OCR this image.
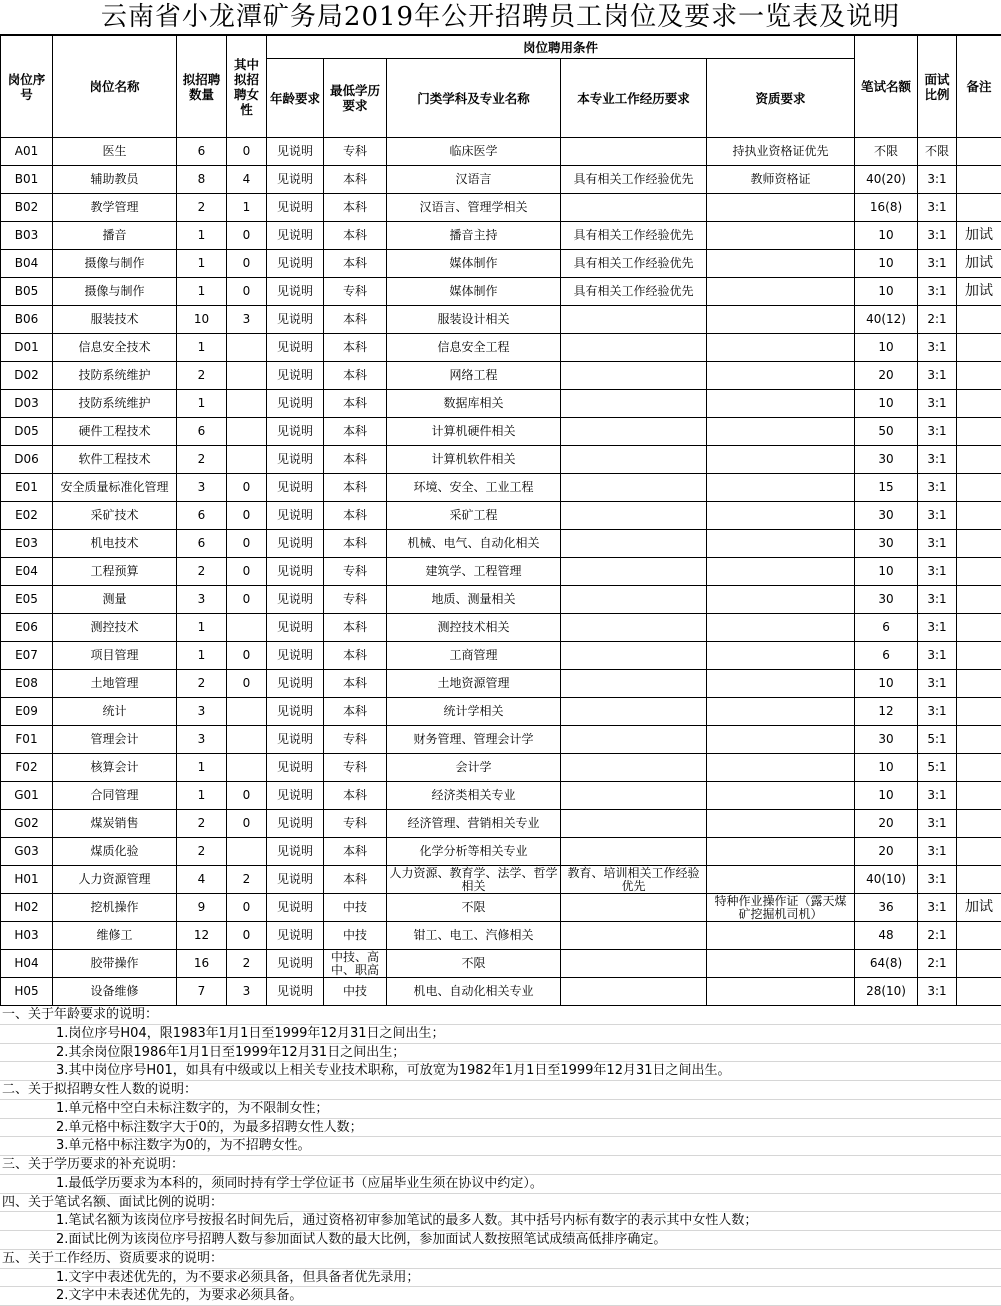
云南省小龙潭矿务局2019年公开招聘员工岗位及要求一览表及说明
岗位序号	岗位名称	拟招聘数量	其中拟招聘女性	岗位聘用条件					笔试名额	面试比例	备注
				年龄要求	最低学历要求	门类学科及专业名称	本专业工作经历要求	资质要求			
A01	医生	6	0	见说明	专科	临床医学		持执业资格证优先	不限	不限	
B01	辅助教员	8	4	见说明	本科	汉语言	具有相关工作经验优先	教师资格证	40(20)	3:1	
B02	教学管理	2	1	见说明	本科	汉语言、管理学相关			16(8)	3:1	
B03	播音	1	0	见说明	本科	播音主持	具有相关工作经验优先		10	3:1	加试
B04	摄像与制作	1	0	见说明	本科	媒体制作	具有相关工作经验优先		10	3:1	加试
B05	摄像与制作	1	0	见说明	专科	媒体制作	具有相关工作经验优先		10	3:1	加试
B06	服装技术	10	3	见说明	本科	服装设计相关			40(12)	2:1	
D01	信息安全技术	1		见说明	本科	信息安全工程			10	3:1	
D02	技防系统维护	2		见说明	本科	网络工程			20	3:1	
D03	技防系统维护	1		见说明	本科	数据库相关			10	3:1	
D05	硬件工程技术	6		见说明	本科	计算机硬件相关			50	3:1	
D06	软件工程技术	2		见说明	本科	计算机软件相关			30	3:1	
E01	安全质量标准化管理	3	0	见说明	本科	环境、安全、工业工程			15	3:1	
E02	采矿技术	6	0	见说明	本科	采矿工程			30	3:1	
E03	机电技术	6	0	见说明	本科	机械、电气、自动化相关			30	3:1	
E04	工程预算	2	0	见说明	专科	建筑学、工程管理			10	3:1	
E05	测量	3	0	见说明	专科	地质、测量相关			30	3:1	
E06	测控技术	1		见说明	本科	测控技术相关			6	3:1	
E07	项目管理	1	0	见说明	本科	工商管理			6	3:1	
E08	土地管理	2	0	见说明	本科	土地资源管理			10	3:1	
E09	统计	3		见说明	本科	统计学相关			12	3:1	
F01	管理会计	3		见说明	专科	财务管理、管理会计学			30	5:1	
F02	核算会计	1		见说明	专科	会计学			10	5:1	
G01	合同管理	1	0	见说明	本科	经济类相关专业			10	3:1	
G02	煤炭销售	2	0	见说明	专科	经济管理、营销相关专业			20	3:1	
G03	煤质化验	2		见说明	本科	化学分析等相关专业			20	3:1	
H01	人力资源管理	4	2	见说明	本科	人力资源、教育学、法学、哲学相关	教育、培训相关工作经验优先		40(10)	3:1	
H02	挖机操作	9	0	见说明	中技	不限		特种作业操作证（露天煤矿挖掘机司机）	36	3:1	加试
H03	维修工	12	0	见说明	中技	钳工、电工、汽修相关			48	2:1	
H04	胶带操作	16	2	见说明	中技、高中、职高	不限			64(8)	2:1	
H05	设备维修	7	3	见说明	中技	机电、自动化相关专业			28(10)	3:1	
一、关于年龄要求的说明：
1.岗位序号H04，限1983年1月1日至1999年12月31日之间出生；
2.其余岗位限1986年1月1日至1999年12月31日之间出生；
3.其中岗位序号H01，如具有中级或以上相关专业技术职称，可放宽为1982年1月1日至1999年12月31日之间出生。
二、关于拟招聘女性人数的说明：
1.单元格中空白未标注数字的，为不限制女性；
2.单元格中标注数字大于0的，为最多招聘女性人数；
3.单元格中标注数字为0的，为不招聘女性。
三、关于学历要求的补充说明：
1.最低学历要求为本科的，须同时持有学士学位证书（应届毕业生须在协议中约定）。
四、关于笔试名额、面试比例的说明：
1.笔试名额为该岗位序号按报名时间先后，通过资格初审参加笔试的最多人数。其中括号内标有数字的表示其中女性人数；
2.面试比例为该岗位序号招聘人数与参加面试人数的最大比例，参加面试人数按照笔试成绩高低排序确定。
五、关于工作经历、资质要求的说明：
1.文字中表述优先的，为不要求必须具备，但具备者优先录用；
2.文字中未表述优先的，为要求必须具备。
